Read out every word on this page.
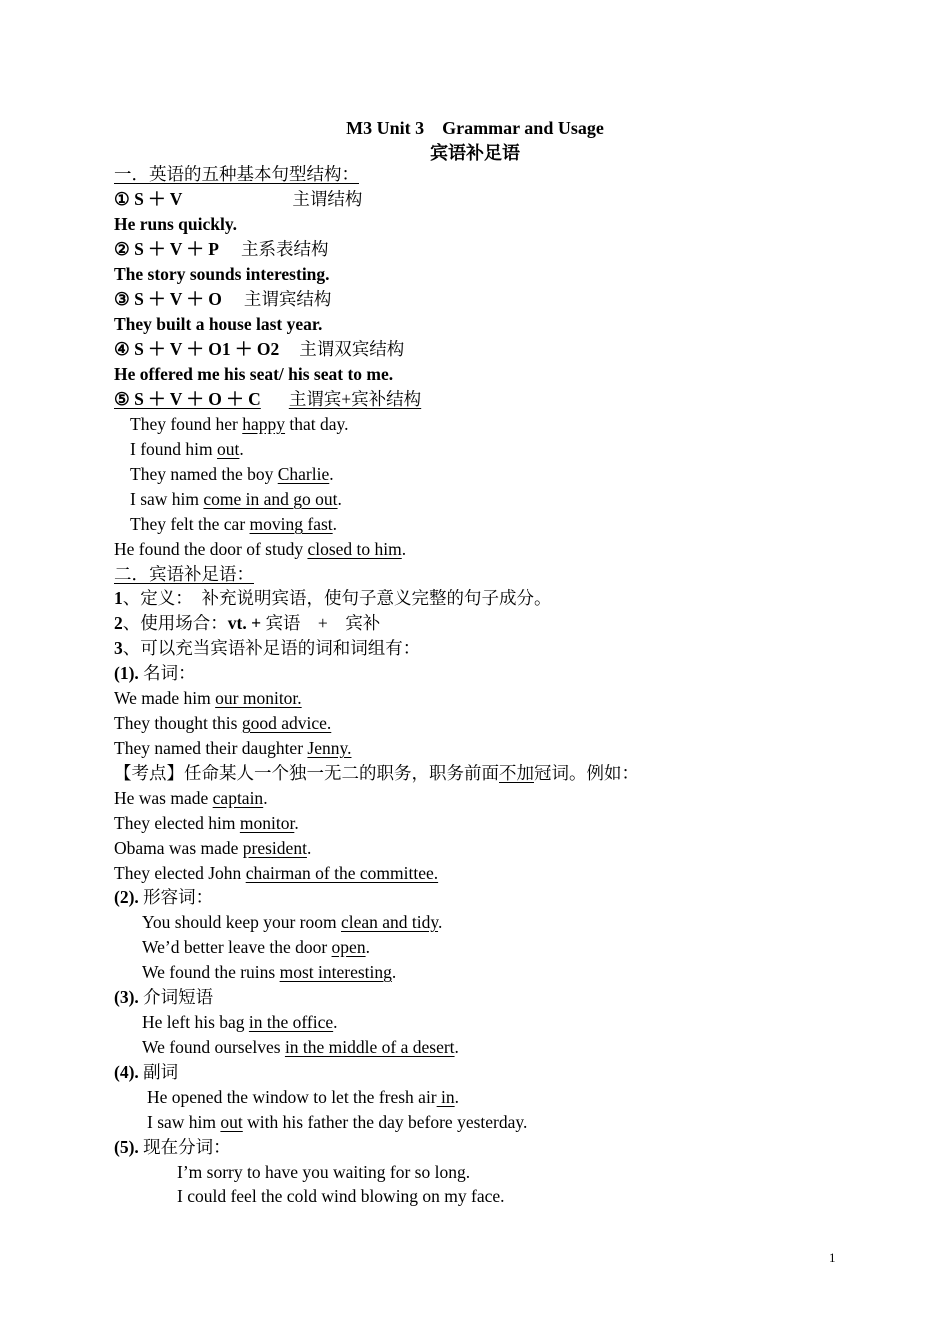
M3 Unit 3　Grammar and Usage
宾语补足语
一．英语的五种基本句型结构：
① S ＋ V	主谓结构
He runs quickly.
② S ＋ V ＋ P 主系表结构
The story sounds interesting.
③ S ＋ V ＋ O 主谓宾结构
They built a house last year.
④ S ＋ V ＋ O1 ＋ O2 主谓双宾结构
He offered me his seat/ his seat to me.
⑤ S ＋ V ＋ O ＋ C 主谓宾+宾补结构
They found her happy that day.
I found him out.
They named the boy Charlie.
I saw him come in and go out.
They felt the car moving fast.
He found the door of study closed to him.
二．宾语补足语：
1、定义：　补充说明宾语，使句子意义完整的句子成分。
2、使用场合：vt. + 宾语　+　宾补
3、可以充当宾语补足语的词和词组有：
(1). 名词：
We made him our monitor.
They thought this good advice.
They named their daughter Jenny.
【考点】任命某人一个独一无二的职务，职务前面不加冠词。例如：
He was made captain.
They elected him monitor.
Obama was made president.
They elected John chairman of the committee.
(2). 形容词：
You should keep your room clean and tidy.
We’d better leave the door open.
We found the ruins most interesting.
(3). 介词短语
He left his bag in the office.
We found ourselves in the middle of a desert.
(4). 副词
He opened the window to let the fresh air in.
I saw him out with his father the day before yesterday.
(5). 现在分词：
I’m sorry to have you waiting for so long.
I could feel the cold wind blowing on my face.
1
